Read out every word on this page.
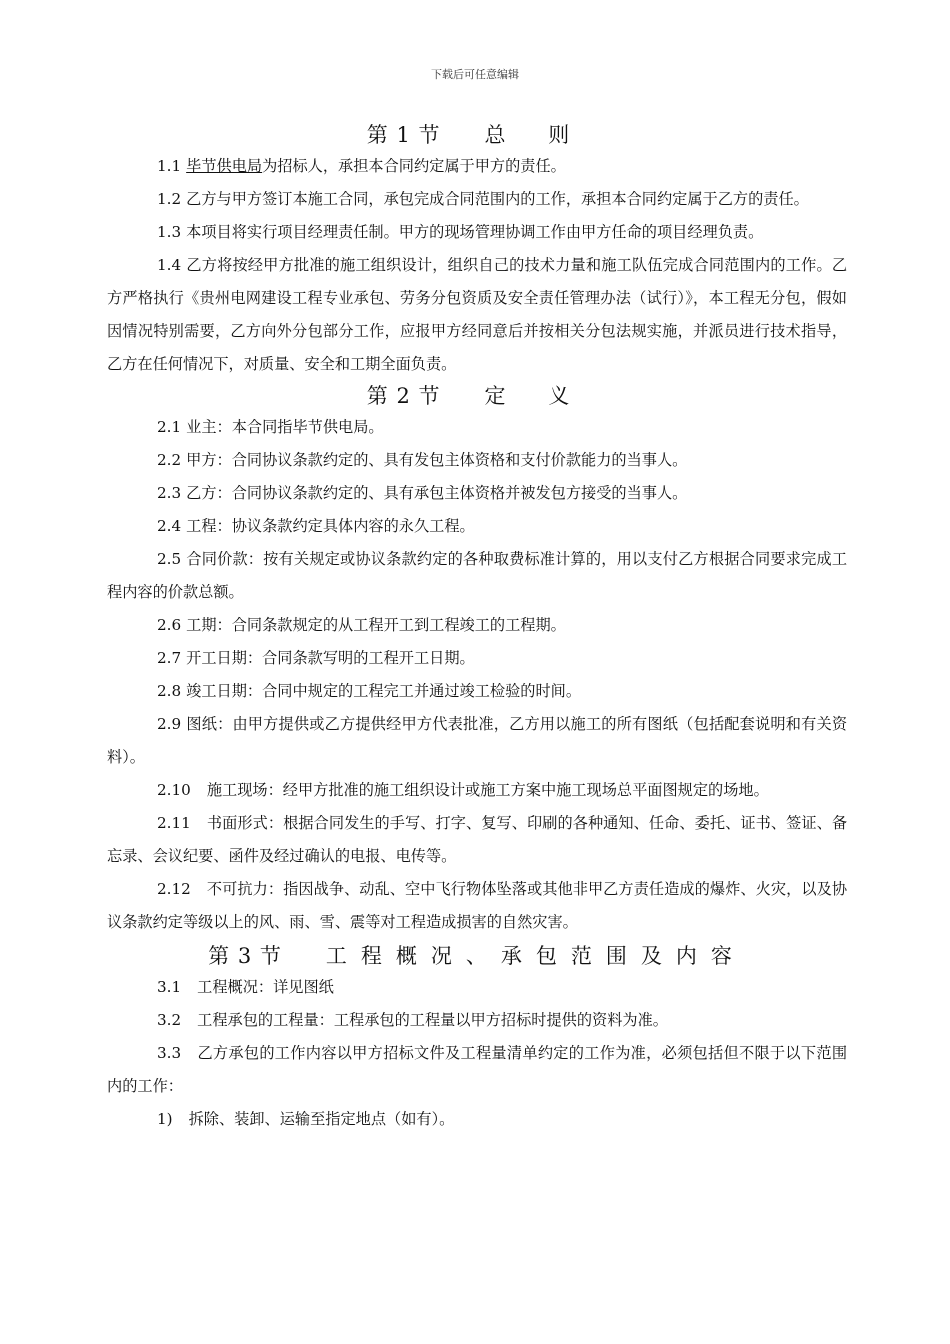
下载后可任意编辑
第 1 节 总 则

1.1 毕节供电局为招标人，承担本合同约定属于甲方的责任。

1.2 乙方与甲方签订本施工合同，承包完成合同范围内的工作，承担本合同约定属于乙方的责任。

1.3 本项目将实行项目经理责任制。甲方的现场管理协调工作由甲方任命的项目经理负责。

1.4 乙方将按经甲方批准的施工组织设计，组织自己的技术力量和施工队伍完成合同范围内的工作。乙方严格执行《贵州电网建设工程专业承包、劳务分包资质及安全责任管理办法（试行）》，本工程无分包，假如因情况特别需要，乙方向外分包部分工作，应报甲方经同意后并按相关分包法规实施，并派员进行技术指导，乙方在任何情况下，对质量、安全和工期全面负责。

第 2 节 定 义

2.1 业主：本合同指毕节供电局。

2.2 甲方：合同协议条款约定的、具有发包主体资格和支付价款能力的当事人。

2.3 乙方：合同协议条款约定的、具有承包主体资格并被发包方接受的当事人。

2.4 工程：协议条款约定具体内容的永久工程。

2.5 合同价款：按有关规定或协议条款约定的各种取费标准计算的，用以支付乙方根据合同要求完成工程内容的价款总额。

2.6 工期：合同条款规定的从工程开工到工程竣工的工程期。

2.7 开工日期：合同条款写明的工程开工日期。

2.8 竣工日期：合同中规定的工程完工并通过竣工检验的时间。

2.9 图纸：由甲方提供或乙方提供经甲方代表批准，乙方用以施工的所有图纸（包括配套说明和有关资料）。

2.10 施工现场：经甲方批准的施工组织设计或施工方案中施工现场总平面图规定的场地。

2.11 书面形式：根据合同发生的手写、打字、复写、印刷的各种通知、任命、委托、证书、签证、备忘录、会议纪要、函件及经过确认的电报、电传等。

2.12 不可抗力：指因战争、动乱、空中飞行物体坠落或其他非甲乙方责任造成的爆炸、火灾，以及协议条款约定等级以上的风、雨、雪、震等对工程造成损害的自然灾害。

第 3 节 工程概况、承包范围及内容

3.1 工程概况：详见图纸

3.2 工程承包的工程量：工程承包的工程量以甲方招标时提供的资料为准。

3.3 乙方承包的工作内容以甲方招标文件及工程量清单约定的工作为准，必须包括但不限于以下范围内的工作：

1) 拆除、装卸、运输至指定地点（如有）。
